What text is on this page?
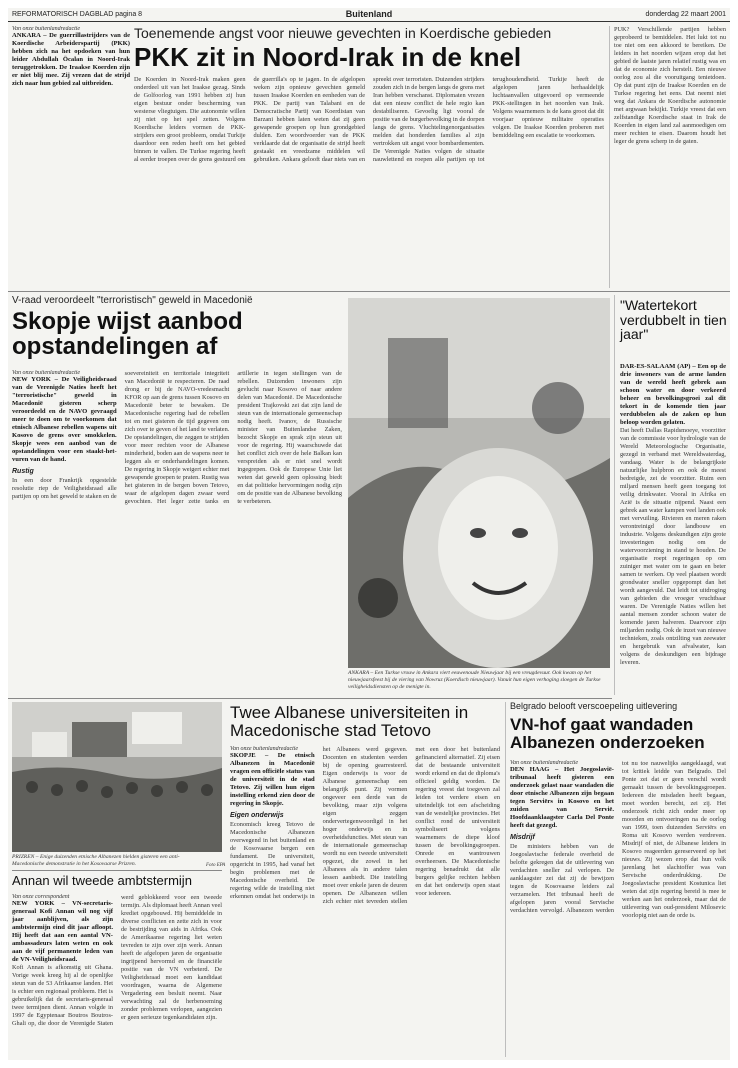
REFORMATORISCH DAGBLAD pagina 8	Buitenland	donderdag 22 maart 2001
Van onze buitenlandredactie
ANKARA – De guerrillastrijders van de Koerdische Arbeiderspartij (PKK) hebben zich na het opdoeken van hun leider Abdullah Öcalan in Noord-Irak teruggetrokken. De Iraakse Koerden zijn er niet blij mee. Zij vrezen dat de strijd zich naar hun gebied zal uitbreiden.
Toenemende angst voor nieuwe gevechten in Koerdische gebieden
PKK zit in Noord-Irak in de knel
De Koerden in Noord-Irak maken geen onderdeel uit van het Iraakse gezag. Sinds de Golfoorlog van 1991 hebben zij hun eigen bestuur onder bescherming van westerse vliegtuigen. Die autonomie willen zij niet op het spel zetten. Volgens Koerdische leiders vormen de PKK-strijders een groot probleem, omdat Turkije daardoor een reden heeft om het gebied binnen te vallen. De Turkse regering heeft al eerder troepen over de grens gestuurd om de guerrilla's op te jagen. In de afgelopen weken zijn opnieuw gevechten gemeld tussen Iraakse Koerden en eenheden van de PKK. De partij van Talabani en de Democratische Partij van Koerdistan van Barzani hebben laten weten dat zij geen gewapende groepen op hun grondgebied dulden. Een woordvoerder van de PKK verklaarde dat de organisatie de strijd heeft gestaakt en vreedzame middelen wil gebruiken. Ankara gelooft daar niets van en spreekt over terroristen. Duizenden strijders zouden zich in de bergen langs de grens met Iran hebben verschanst. Diplomaten vrezen dat een nieuw conflict de hele regio kan destabiliseren. Gevoelig ligt vooral de positie van de burgerbevolking in de dorpen langs de grens. Vluchtelingenorganisaties melden dat honderden families al zijn vertrokken uit angst voor bombardementen. De Verenigde Naties volgen de situatie nauwlettend en roepen alle partijen op tot terughoudendheid. Turkije heeft de afgelopen jaren herhaaldelijk luchtaanvallen uitgevoerd op vermeende PKK-stellingen in het noorden van Irak. Volgens waarnemers is de kans groot dat dit voorjaar opnieuw militaire operaties volgen. De Iraakse Koerden proberen met bemiddeling een escalatie te voorkomen.
PUK? Verschillende partijen hebben geprobeerd te bemiddelen. Het lukt tot nu toe niet om een akkoord te bereiken. De leiders in het noorden wijzen erop dat het gebied de laatste jaren relatief rustig was en dat de economie zich herstelt. Een nieuwe oorlog zou al die vooruitgang tenietdoen. Op dat punt zijn de Iraakse Koerden en de Turkse regering het eens. Dat neemt niet weg dat Ankara de Koerdische autonomie met argwaan bekijkt. Turkije vreest dat een zelfstandige Koerdische staat in Irak de Koerden in eigen land zal aanmoedigen om meer rechten te eisen. Daarom houdt het leger de grens scherp in de gaten.
V-raad veroordeelt "terroristisch" geweld in Macedonië
Skopje wijst aanbod opstandelingen af
Van onze buitenlandredactie
NEW YORK – De Veiligheidsraad van de Verenigde Naties heeft het "terroristische" geweld in Macedonië gisteren scherp veroordeeld en de NAVO gevraagd meer te doen om te voorkomen dat etnisch Albanese rebellen wapens uit Kosovo de grens over smokkelen. Skopje wees een aanbod van de opstandelingen voor een staakt-het-vuren van de hand.
Rustig
In een door Frankrijk opgestelde resolutie riep de Veiligheidsraad alle partijen op om het geweld te staken en de soevereiniteit en territoriale integriteit van Macedonië te respecteren. De raad drong er bij de NAVO-vredesmacht KFOR op aan de grens tussen Kosovo en Macedonië beter te bewaken. De Macedonische regering had de rebellen tot en met gisteren de tijd gegeven om zich over te geven of het land te verlaten. De opstandelingen, die zeggen te strijden voor meer rechten voor de Albanese minderheid, boden aan de wapens neer te leggen als er onderhandelingen komen. De regering in Skopje weigert echter met gewapende groepen te praten. Rustig was het gisteren in de bergen boven Tetovo, waar de afgelopen dagen zwaar werd gevochten. Het leger zette tanks en artillerie in tegen stellingen van de rebellen. Duizenden inwoners zijn gevlucht naar Kosovo of naar andere delen van Macedonië. De Macedonische president Trajkovski zei dat zijn land de steun van de internationale gemeenschap nodig heeft. Ivanov, de Russische minister van Buitenlandse Zaken, bezocht Skopje en sprak zijn steun uit voor de regering. Hij waarschuwde dat het conflict zich over de hele Balkan kan verspreiden als er niet snel wordt ingegrepen. Ook de Europese Unie liet weten dat geweld geen oplossing biedt en dat politieke hervormingen nodig zijn om de positie van de Albanese bevolking te verbeteren.
ANKARA – Een Turkse vrouw in Ankara viert eeuwenoude Nieuwjaar bij een vreugdevuur. Ook kwam op het nieuwjaarsfeest bij de viering van Nowruz (Koerdisch nieuwjaar). Vanuit hun eigen verhoging sloegen de Turkse veiligheidsdiensten op de menigte in.
"Watertekort verdubbelt in tien jaar"
DAR-ES-SALAAM (AP) – Een op de drie inwoners van de arme landen van de wereld heeft gebrek aan schoon water en door verkeerd beheer en bevolkingsgroei zal dit tekort in de komende tien jaar verdubbelen als de zaken op hun beloop worden gelaten.
Dat heeft Dallas Rapidsmoeye, voorzitter van de commissie voor hydrologie van de Wereld Meteorologische Organisatie, gezegd in verband met Wereldwaterdag, vandaag. Water is de belangrijkste natuurlijke hulpbron en ook de meest bedreigde, zei de voorzitter. Ruim een miljard mensen heeft geen toegang tot veilig drinkwater. Vooral in Afrika en Azië is de situatie nijpend. Naast een gebrek aan water kampen veel landen ook met vervuiling. Rivieren en meren raken verontreinigd door landbouw en industrie. Volgens deskundigen zijn grote investeringen nodig om de watervoorziening in stand te houden. De organisatie roept regeringen op om zuiniger met water om te gaan en beter samen te werken. Op veel plaatsen wordt grondwater sneller opgepompt dan het wordt aangevuld. Dat leidt tot uitdroging van gebieden die vroeger vruchtbaar waren. De Verenigde Naties willen het aantal mensen zonder schoon water de komende jaren halveren. Daarvoor zijn miljarden nodig. Ook de inzet van nieuwe technieken, zoals ontzilting van zeewater en hergebruik van afvalwater, kan volgens de deskundigen een bijdrage leveren.
PRIZREN – Enige duizenden etnische Albanezen hielden gisteren een anti-Macedonische demonstratie in het Kosovaarse Prizren.	Foto EPA
Twee Albanese universiteiten in Macedonische stad Tetovo
Van onze buitenlandredactie
SKOPJE – De etnisch Albanezen in Macedonië vragen een officiële status van de universiteit in de stad Tetovo. Zij willen hun eigen instelling erkend zien door de regering in Skopje.
Eigen onderwijs
Economisch kreeg Tetovo de Macedonische Albanezen overwegend in het buitenland en de Kosovaarse bergen een fundament. De universiteit, opgericht in 1995, had vanaf het begin problemen met de Macedonische overheid. De regering wilde de instelling niet erkennen omdat het onderwijs in het Albanees werd gegeven. Docenten en studenten werden bij de opening gearresteerd. Eigen onderwijs is voor de Albanese gemeenschap een belangrijk punt. Zij vormen ongeveer een derde van de bevolking, maar zijn volgens eigen zeggen ondervertegenwoordigd in het hoger onderwijs en in overheidsfuncties. Met steun van de internationale gemeenschap wordt nu een tweede universiteit opgezet, die zowel in het Albanees als in andere talen lessen aanbiedt. Die instelling moet over enkele jaren de deuren openen. De Albanezen willen zich echter niet tevreden stellen met een door het buitenland gefinancierd alternatief. Zij eisen dat de bestaande universiteit wordt erkend en dat de diploma's officieel geldig worden. De regering vreest dat toegeven zal leiden tot verdere eisen en uiteindelijk tot een afscheiding van de westelijke provincies. Het conflict rond de universiteit symboliseert volgens waarnemers de diepe kloof tussen de bevolkingsgroepen. Onrede en wantrouwen overheersen. De Macedonische regering benadrukt dat alle burgers gelijke rechten hebben en dat het onderwijs open staat voor iedereen.
Belgrado belooft verscoepeling uitlevering
VN-hof gaat wandaden Albanezen onderzoeken
Van onze buitenlandredactie
DEN HAAG – Het Joegoslavië-tribunaal heeft gisteren een onderzoek gelast naar wandaden die door etnische Albanezen zijn begaan tegen Serviërs in Kosovo en het zuiden van Servië. Hoofdaanklaagster Carla Del Ponte heeft dat gezegd.
Misdrijf
De ministers hebben van de Joegoslavische federale overheid de belofte gekregen dat de uitlevering van verdachten sneller zal verlopen. De aanklaagster zei dat zij de bewijzen tegen de Kosovaarse leiders zal verzamelen. Het tribunaal heeft de afgelopen jaren vooral Servische verdachten vervolgd. Albanezen werden tot nu toe nauwelijks aangeklaagd, wat tot kritiek leidde van Belgrado. Del Ponte zei dat er geen verschil wordt gemaakt tussen de bevolkingsgroepen. Iedereen die misdaden heeft begaan, moet worden berecht, zei zij. Het onderzoek richt zich onder meer op moorden en ontvoeringen na de oorlog van 1999, toen duizenden Serviërs en Roma uit Kosovo werden verdreven. Misdrijf of niet, de Albanese leiders in Kosovo reageerden gereserveerd op het nieuws. Zij wezen erop dat hun volk jarenlang het slachtoffer was van Servische onderdrukking. De Joegoslavische president Kostunica liet weten dat zijn regering bereid is mee te werken aan het onderzoek, maar dat de uitlevering van oud-president Milosevic voorlopig niet aan de orde is.
Annan wil tweede ambtstermijn
Van onze correspondent
NEW YORK – VN-secretaris-generaal Kofi Annan wil nog vijf jaar aanblijven, als zijn ambtstermijn eind dit jaar afloopt. Hij heeft dat aan een aantal VN-ambassadeurs laten weten en ook aan de vijf permanente leden van de VN-Veiligheidsraad.
Kofi Annan is afkomstig uit Ghana. Vorige week kreeg hij al de openlijke steun van de 53 Afrikaanse landen. Het is echter een regionaal probleem. Het is gebruikelijk dat de secretaris-generaal twee termijnen dient. Annan volgde in 1997 de Egyptenaar Boutros Boutros-Ghali op, die door de Verenigde Staten werd geblokkeerd voor een tweede termijn. Als diplomaat heeft Annan veel krediet opgebouwd. Hij bemiddelde in diverse conflicten en zette zich in voor de bestrijding van aids in Afrika. Ook de Amerikaanse regering liet weten tevreden te zijn over zijn werk. Annan heeft de afgelopen jaren de organisatie ingrijpend hervormd en de financiële positie van de VN verbeterd. De Veiligheidsraad moet een kandidaat voordragen, waarna de Algemene Vergadering een besluit neemt. Naar verwachting zal de herbenoeming zonder problemen verlopen, aangezien er geen serieuze tegenkandidaten zijn.
